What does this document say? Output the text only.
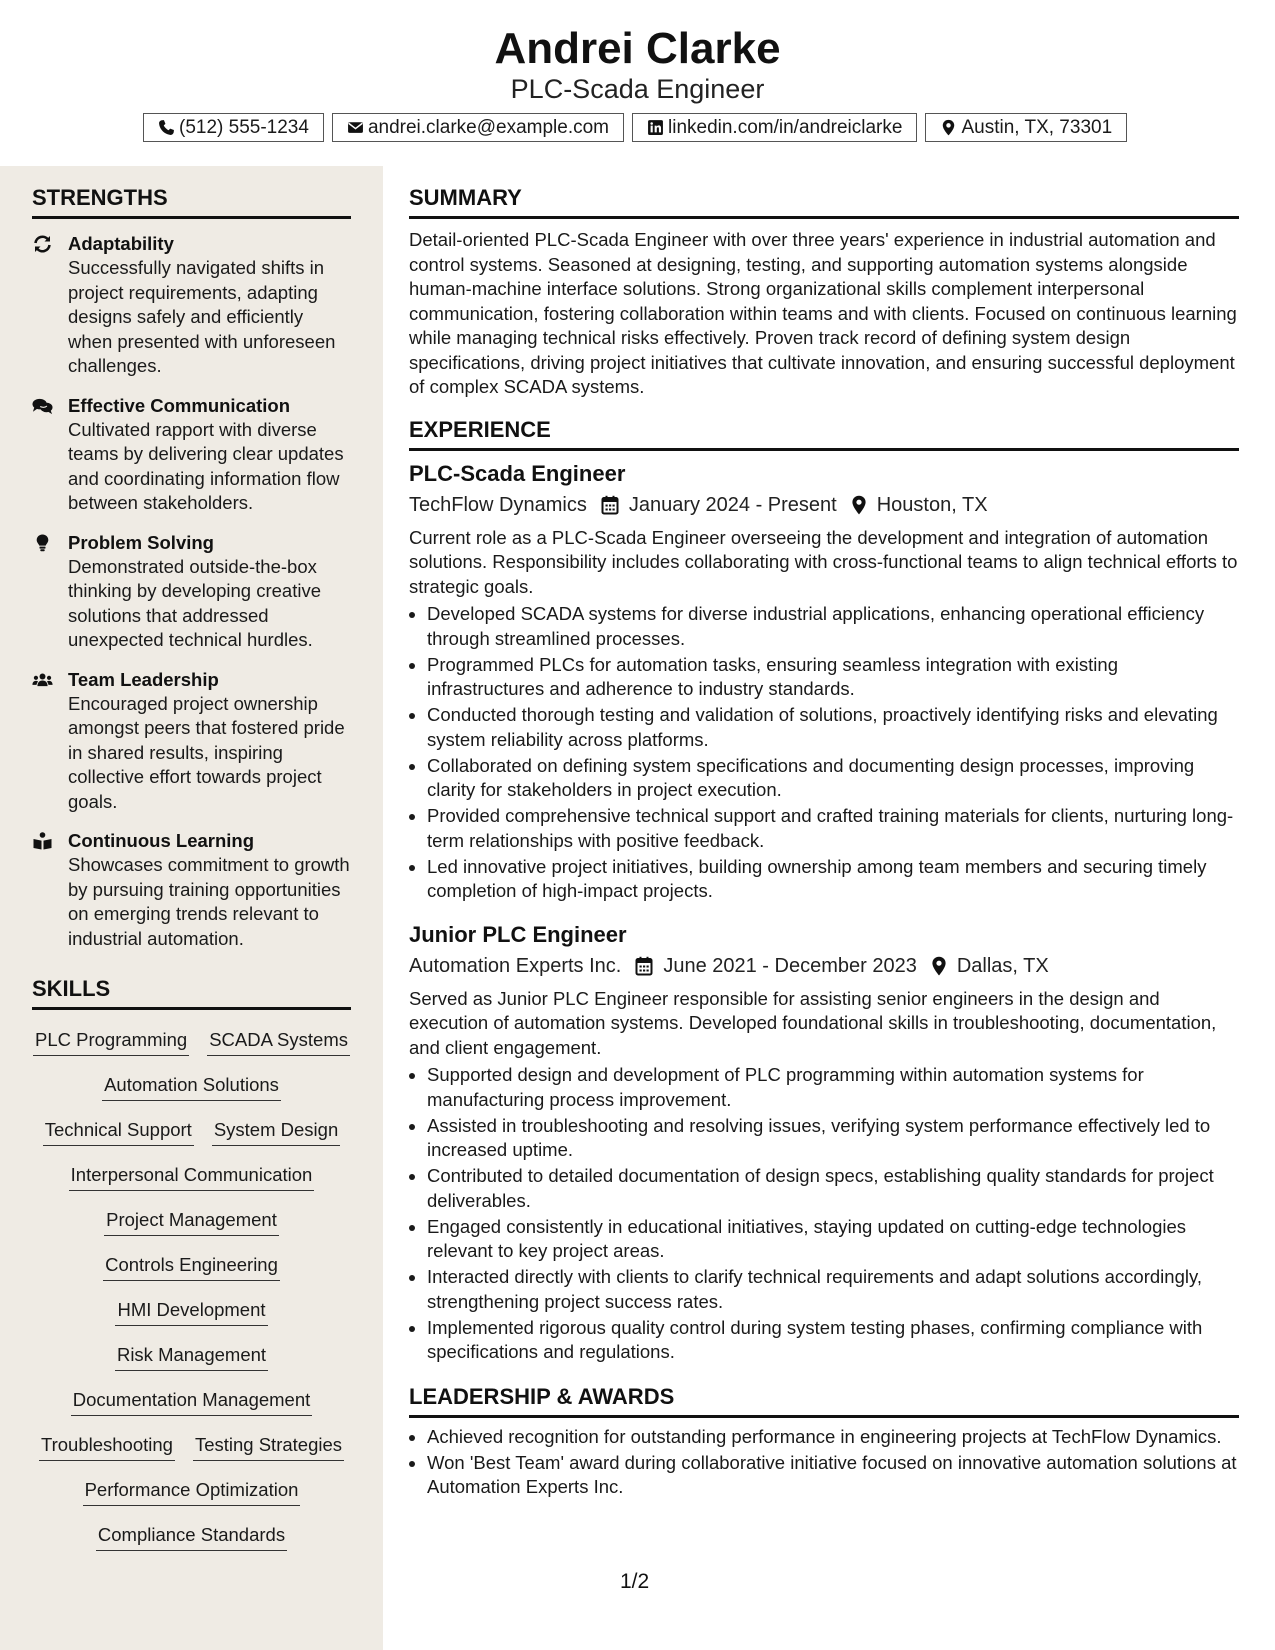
Andrei Clarke
PLC-Scada Engineer
(512) 555-1234	andrei.clarke@example.com	linkedin.com/in/andreiclarke	Austin, TX, 73301
STRENGTHS
Adaptability
Successfully navigated shifts in project requirements, adapting designs safely and efficiently when presented with unforeseen challenges.
Effective Communication
Cultivated rapport with diverse teams by delivering clear updates and coordinating information flow between stakeholders.
Problem Solving
Demonstrated outside-the-box thinking by developing creative solutions that addressed unexpected technical hurdles.
Team Leadership
Encouraged project ownership amongst peers that fostered pride in shared results, inspiring collective effort towards project goals.
Continuous Learning
Showcases commitment to growth by pursuing training opportunities on emerging trends relevant to industrial automation.
SKILLS
PLC Programming SCADA Systems
Automation Solutions
Technical Support System Design
Interpersonal Communication
Project Management
Controls Engineering
HMI Development
Risk Management
Documentation Management
Troubleshooting Testing Strategies
Performance Optimization
Compliance Standards
SUMMARY
Detail-oriented PLC-Scada Engineer with over three years' experience in industrial automation and control systems. Seasoned at designing, testing, and supporting automation systems alongside human-machine interface solutions. Strong organizational skills complement interpersonal communication, fostering collaboration within teams and with clients. Focused on continuous learning while managing technical risks effectively. Proven track record of defining system design specifications, driving project initiatives that cultivate innovation, and ensuring successful deployment of complex SCADA systems.
EXPERIENCE
PLC-Scada Engineer
TechFlow Dynamics January 2024 - Present Houston, TX
Current role as a PLC-Scada Engineer overseeing the development and integration of automation solutions. Responsibility includes collaborating with cross-functional teams to align technical efforts to strategic goals.
• Developed SCADA systems for diverse industrial applications, enhancing operational efficiency through streamlined processes.
• Programmed PLCs for automation tasks, ensuring seamless integration with existing infrastructures and adherence to industry standards.
• Conducted thorough testing and validation of solutions, proactively identifying risks and elevating system reliability across platforms.
• Collaborated on defining system specifications and documenting design processes, improving clarity for stakeholders in project execution.
• Provided comprehensive technical support and crafted training materials for clients, nurturing long-term relationships with positive feedback.
• Led innovative project initiatives, building ownership among team members and securing timely completion of high-impact projects.
Junior PLC Engineer
Automation Experts Inc. June 2021 - December 2023 Dallas, TX
Served as Junior PLC Engineer responsible for assisting senior engineers in the design and execution of automation systems. Developed foundational skills in troubleshooting, documentation, and client engagement.
• Supported design and development of PLC programming within automation systems for manufacturing process improvement.
• Assisted in troubleshooting and resolving issues, verifying system performance effectively led to increased uptime.
• Contributed to detailed documentation of design specs, establishing quality standards for project deliverables.
• Engaged consistently in educational initiatives, staying updated on cutting-edge technologies relevant to key project areas.
• Interacted directly with clients to clarify technical requirements and adapt solutions accordingly, strengthening project success rates.
• Implemented rigorous quality control during system testing phases, confirming compliance with specifications and regulations.
LEADERSHIP & AWARDS
• Achieved recognition for outstanding performance in engineering projects at TechFlow Dynamics.
• Won 'Best Team' award during collaborative initiative focused on innovative automation solutions at Automation Experts Inc.
1/2
